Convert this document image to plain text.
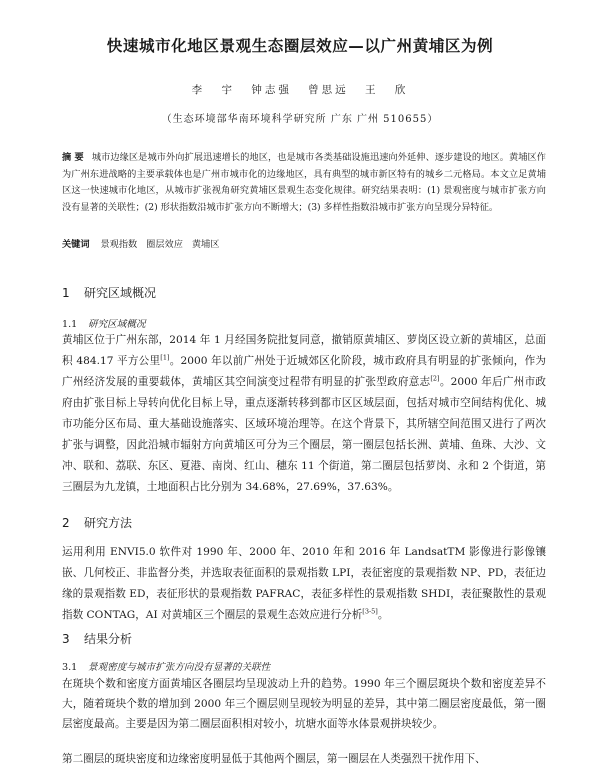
快速城市化地区景观生态圈层效应—以广州黄埔区为例
李 宇 钟志强 曾思远 王 欣
（生态环境部华南环境科学研究所 广东 广州 510655）
摘 要 城市边缘区是城市外向扩展迅速增长的地区，也是城市各类基础设施迅速向外延伸、逐步建设的地区。黄埔区作为广州东进战略的主要承载体也是广州市城市化的边缘地区，具有典型的城市新区特有的城乡二元格局。本文立足黄埔区这一快速城市化地区，从城市扩张视角研究黄埔区景观生态变化规律。研究结果表明：(1) 景观密度与城市扩张方向没有显著的关联性；(2) 形状指数沿城市扩张方向不断增大；(3) 多样性指数沿城市扩张方向呈现分异特征。
关键词 景观指数 圈层效应 黄埔区
1 研究区域概况
1.1 研究区域概况
黄埔区位于广州东部，2014 年 1 月经国务院批复同意，撤销原黄埔区、萝岗区设立新的黄埔区，总面积 484.17 平方公里[1]。2000 年以前广州处于近城郊区化阶段，城市政府具有明显的扩张倾向，作为广州经济发展的重要载体，黄埔区其空间演变过程带有明显的扩张型政府意志[2]。2000 年后广州市政府由扩张目标上导转向优化目标上导，重点逐渐转移到都市区区域层面，包括对城市空间结构优化、城市功能分区布局、重大基础设施落实、区域环境治理等。在这个背景下，其所辖空间范围又进行了两次扩张与调整，因此沿城市辐射方向黄埔区可分为三个圈层，第一圈层包括长洲、黄埔、鱼珠、大沙、文冲、联和、荔联、东区、夏港、南岗、红山、穗东 11 个街道，第二圈层包括萝岗、永和 2 个街道，第三圈层为九龙镇，土地面积占比分别为 34.68%，27.69%，37.63%。
2 研究方法
运用利用 ENVI5.0 软件对 1990 年、2000 年、2010 年和 2016 年 LandsatTM 影像进行影像镶嵌、几何校正、非监督分类，并选取表征面积的景观指数 LPI，表征密度的景观指数 NP、PD，表征边缘的景观指数 ED，表征形状的景观指数 PAFRAC，表征多样性的景观指数 SHDI，表征聚散性的景观指数 CONTAG，AI 对黄埔区三个圈层的景观生态效应进行分析[3-5]。
3 结果分析
3.1 景观密度与城市扩张方向没有显著的关联性
在斑块个数和密度方面黄埔区各圈层均呈现波动上升的趋势。1990 年三个圈层斑块个数和密度差异不大，随着斑块个数的增加到 2000 年三个圈层则呈现较为明显的差异，其中第二圈层密度最低，第一圈层密度最高。主要是因为第二圈层面积相对较小，坑塘水面等水体景观拼块较少。
第二圈层的斑块密度和边缘密度明显低于其他两个圈层，第一圈层在人类强烈干扰作用下、
